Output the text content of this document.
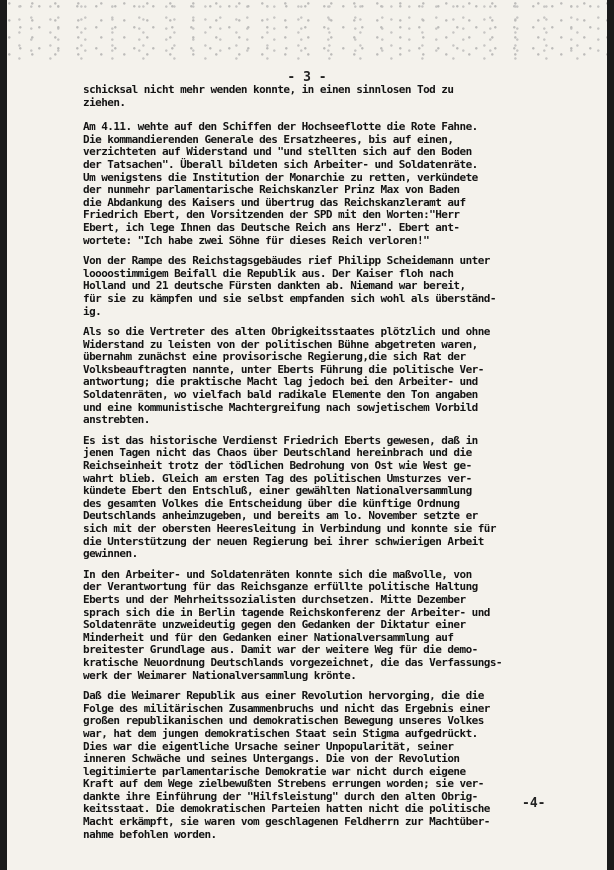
- 3 -

schicksal nicht mehr wenden konnte, in einen sinnlosen Tod zu
ziehen.

Am 4.11. wehte auf den Schiffen der Hochseeflotte die Rote Fahne.
Die kommandierenden Generale des Ersatzheeres, bis auf einen,
verzichteten auf Widerstand und "und stellten sich auf den Boden
der Tatsachen". Überall bildeten sich Arbeiter- und Soldatenräte.
Um wenigstens die Institution der Monarchie zu retten, verkündete
der nunmehr parlamentarische Reichskanzler Prinz Max von Baden
die Abdankung des Kaisers und übertrug das Reichskanzleramt auf
Friedrich Ebert, den Vorsitzenden der SPD mit den Worten:"Herr
Ebert, ich lege Ihnen das Deutsche Reich ans Herz". Ebert ant-
wortete: "Ich habe zwei Söhne für dieses Reich verloren!"

Von der Rampe des Reichstagsgebäudes rief Philipp Scheidemann unter
loooostimmigem Beifall die Republik aus. Der Kaiser floh nach
Holland und 21 deutsche Fürsten dankten ab. Niemand war bereit,
für sie zu kämpfen und sie selbst empfanden sich wohl als überständ-
ig.

Als so die Vertreter des alten Obrigkeitsstaates plötzlich und ohne
Widerstand zu leisten von der politischen Bühne abgetreten waren,
übernahm zunächst eine provisorische Regierung,die sich Rat der
Volksbeauftragten nannte, unter Eberts Führung die politische Ver-
antwortung; die praktische Macht lag jedoch bei den Arbeiter- und
Soldatenräten, wo vielfach bald radikale Elemente den Ton angaben
und eine kommunistische Machtergreifung nach sowjetischem Vorbild
anstrebten.

Es ist das historische Verdienst Friedrich Eberts gewesen, daß in
jenen Tagen nicht das Chaos über Deutschland hereinbrach und die
Reichseinheit trotz der tödlichen Bedrohung von Ost wie West ge-
wahrt blieb. Gleich am ersten Tag des politischen Umsturzes ver-
kündete Ebert den Entschluß, einer gewählten Nationalversammlung
des gesamten Volkes die Entscheidung über die künftige Ordnung
Deutschlands anheimzugeben, und bereits am lo. November setzte er
sich mit der obersten Heeresleitung in Verbindung und konnte sie für
die Unterstützung der neuen Regierung bei ihrer schwierigen Arbeit
gewinnen.

In den Arbeiter- und Soldatenräten konnte sich die maßvolle, von
der Verantwortung für das Reichsganze erfüllte politische Haltung
Eberts und der Mehrheitssozialisten durchsetzen. Mitte Dezember
sprach sich die in Berlin tagende Reichskonferenz der Arbeiter- und
Soldatenräte unzweideutig gegen den Gedanken der Diktatur einer
Minderheit und für den Gedanken einer Nationalversammlung auf
breitester Grundlage aus. Damit war der weitere Weg für die demo-
kratische Neuordnung Deutschlands vorgezeichnet, die das Verfassungs-
werk der Weimarer Nationalversammlung krönte.

Daß die Weimarer Republik aus einer Revolution hervorging, die die
Folge des militärischen Zusammenbruchs und nicht das Ergebnis einer
großen republikanischen und demokratischen Bewegung unseres Volkes
war, hat dem jungen demokratischen Staat sein Stigma aufgedrückt.
Dies war die eigentliche Ursache seiner Unpopularität, seiner
inneren Schwäche und seines Untergangs. Die von der Revolution
legitimierte parlamentarische Demokratie war nicht durch eigene
Kraft auf dem Wege zielbewußten Strebens errungen worden; sie ver-
dankte ihre Einführung der "Hilfsleistung" durch den alten Obrig-
keitsstaat. Die demokratischen Parteien hatten nicht die politische
Macht erkämpft, sie waren vom geschlagenen Feldherrn zur Machtüber-
nahme befohlen worden.

-4-
